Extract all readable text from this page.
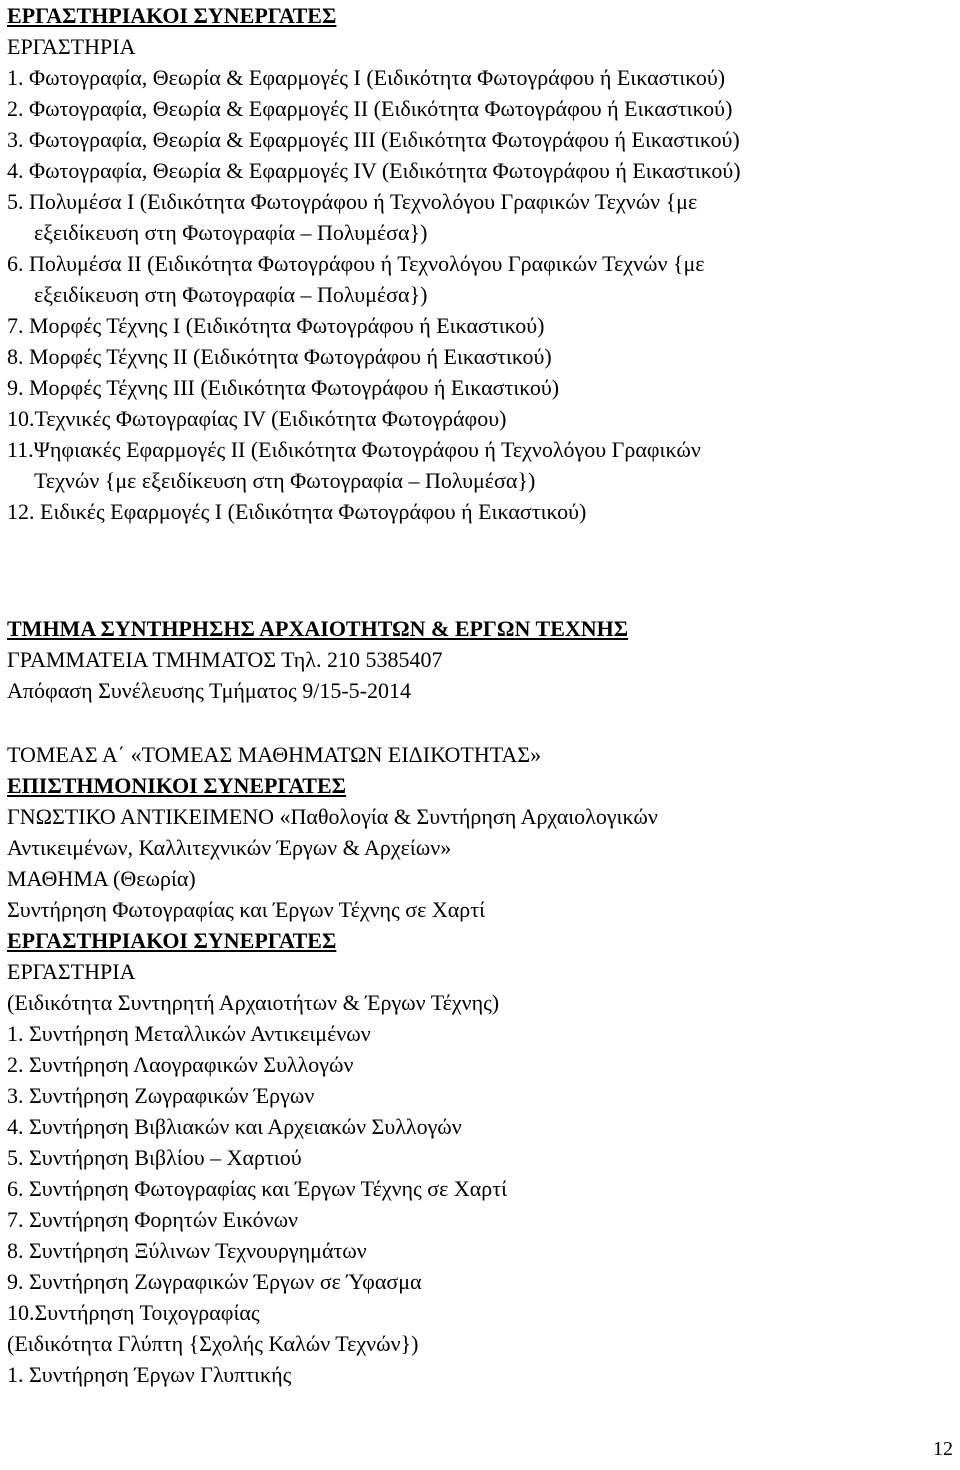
ΕΡΓΑΣΤΗΡΙΑΚΟΙ ΣΥΝΕΡΓΑΤΕΣ
ΕΡΓΑΣΤΗΡΙΑ
1. Φωτογραφία, Θεωρία & Εφαρμογές Ι (Ειδικότητα Φωτογράφου ή Εικαστικού)
2. Φωτογραφία, Θεωρία & Εφαρμογές ΙΙ (Ειδικότητα Φωτογράφου ή Εικαστικού)
3. Φωτογραφία, Θεωρία & Εφαρμογές ΙΙΙ (Ειδικότητα Φωτογράφου ή Εικαστικού)
4. Φωτογραφία, Θεωρία & Εφαρμογές ΙV (Ειδικότητα Φωτογράφου ή Εικαστικού)
5. Πολυμέσα Ι (Ειδικότητα Φωτογράφου ή Τεχνολόγου Γραφικών Τεχνών {με
εξειδίκευση στη Φωτογραφία – Πολυμέσα})
6. Πολυμέσα ΙΙ (Ειδικότητα Φωτογράφου ή Τεχνολόγου Γραφικών Τεχνών {με
εξειδίκευση στη Φωτογραφία – Πολυμέσα})
7. Μορφές Τέχνης Ι (Ειδικότητα Φωτογράφου ή Εικαστικού)
8. Μορφές Τέχνης ΙΙ (Ειδικότητα Φωτογράφου ή Εικαστικού)
9. Μορφές Τέχνης ΙΙΙ (Ειδικότητα Φωτογράφου ή Εικαστικού)
10.Τεχνικές Φωτογραφίας ΙV (Ειδικότητα Φωτογράφου)
11.Ψηφιακές Εφαρμογές ΙΙ (Ειδικότητα Φωτογράφου ή Τεχνολόγου Γραφικών
Τεχνών {με εξειδίκευση στη Φωτογραφία – Πολυμέσα})
12. Ειδικές Εφαρμογές Ι (Ειδικότητα Φωτογράφου ή Εικαστικού)
ΤΜΗΜΑ ΣΥΝΤΗΡΗΣΗΣ ΑΡΧΑΙΟΤΗΤΩΝ & ΕΡΓΩΝ ΤΕΧΝΗΣ
ΓΡΑΜΜΑΤΕΙΑ ΤΜΗΜΑΤΟΣ Τηλ. 210 5385407
Απόφαση Συνέλευσης Τμήματος 9/15-5-2014
ΤΟΜΕΑΣ Α΄ «ΤΟΜΕΑΣ ΜΑΘΗΜΑΤΩΝ ΕΙΔΙΚΟΤΗΤΑΣ»
ΕΠΙΣΤΗΜΟΝΙΚΟΙ ΣΥΝΕΡΓΑΤΕΣ
ΓΝΩΣΤΙΚΟ ΑΝΤΙΚΕΙΜΕΝΟ «Παθολογία & Συντήρηση Αρχαιολογικών
Αντικειμένων, Καλλιτεχνικών Έργων & Αρχείων»
ΜΑΘΗΜΑ (Θεωρία)
Συντήρηση Φωτογραφίας και Έργων Τέχνης σε Χαρτί
ΕΡΓΑΣΤΗΡΙΑΚΟΙ ΣΥΝΕΡΓΑΤΕΣ
ΕΡΓΑΣΤΗΡΙΑ
(Ειδικότητα Συντηρητή Αρχαιοτήτων & Έργων Τέχνης)
1. Συντήρηση Μεταλλικών Αντικειμένων
2. Συντήρηση Λαογραφικών Συλλογών
3. Συντήρηση Ζωγραφικών Έργων
4. Συντήρηση Βιβλιακών και Αρχειακών Συλλογών
5. Συντήρηση Βιβλίου – Χαρτιού
6. Συντήρηση Φωτογραφίας και Έργων Τέχνης σε Χαρτί
7. Συντήρηση Φορητών Εικόνων
8. Συντήρηση Ξύλινων Τεχνουργημάτων
9. Συντήρηση Ζωγραφικών Έργων σε Ύφασμα
10.Συντήρηση Τοιχογραφίας
(Ειδικότητα Γλύπτη {Σχολής Καλών Τεχνών})
1. Συντήρηση Έργων Γλυπτικής
12
